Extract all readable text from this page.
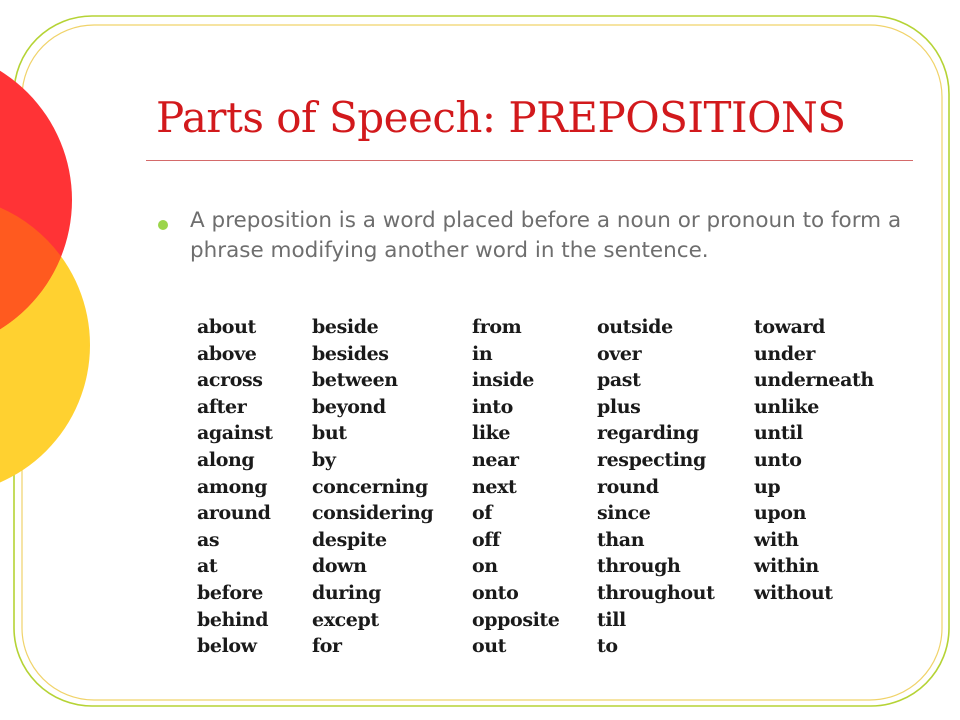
Parts of Speech: PREPOSITIONS

A preposition is a word placed before a noun or pronoun to form a phrase modifying another word in the sentence.

about
above
across
after
against
along
among
around
as
at
before
behind
below
beside
besides
between
beyond
but
by
concerning
considering
despite
down
during
except
for
from
in
inside
into
like
near
next
of
off
on
onto
opposite
out
outside
over
past
plus
regarding
respecting
round
since
than
through
throughout
till
to
toward
under
underneath
unlike
until
unto
up
upon
with
within
without
